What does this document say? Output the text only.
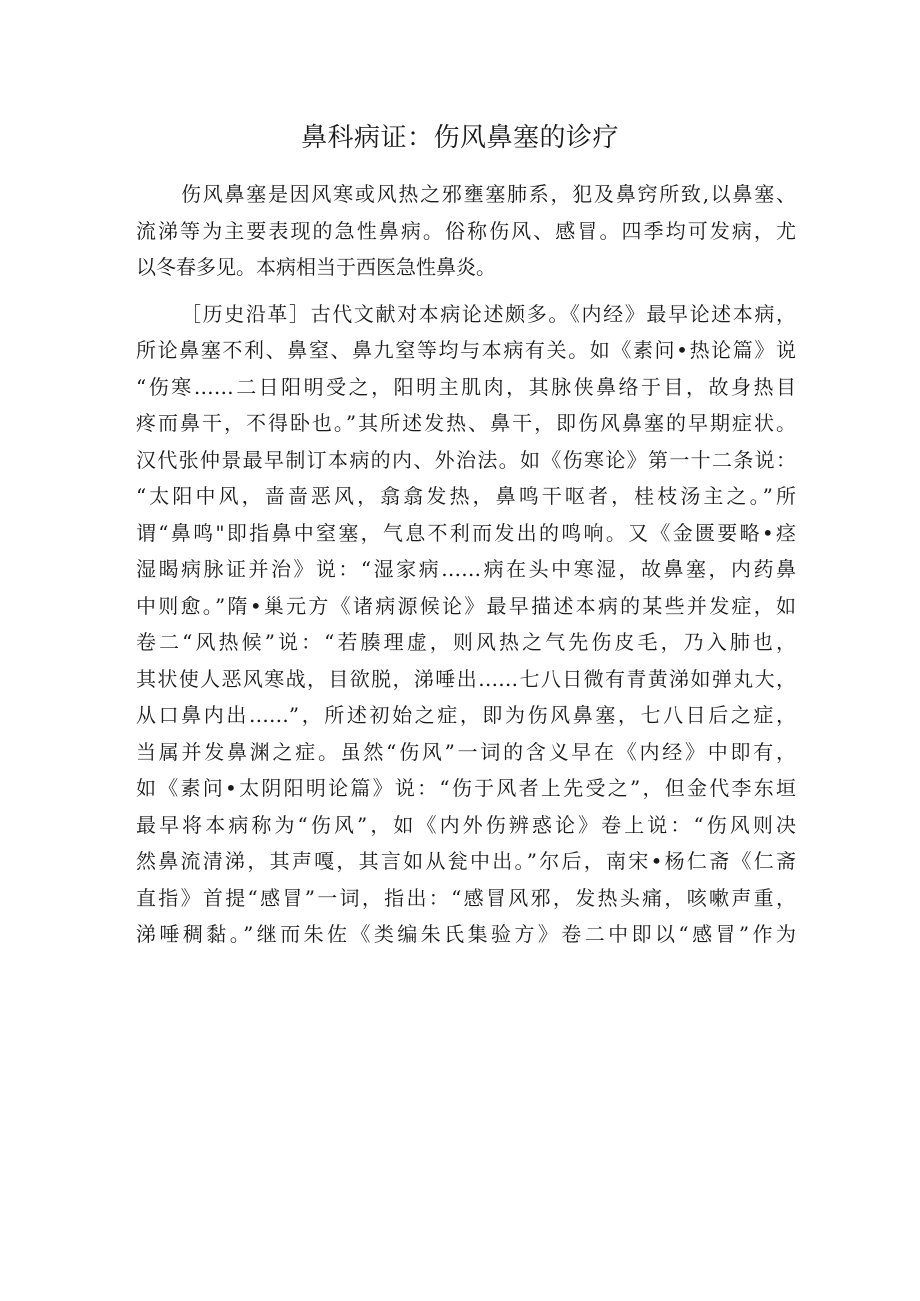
鼻科病证：伤风鼻塞的诊疗
伤风鼻塞是因风寒或风热之邪壅塞肺系，犯及鼻窍所致,以鼻塞、
流涕等为主要表现的急性鼻病。俗称伤风、感冒。四季均可发病，尤
以冬春多见。本病相当于西医急性鼻炎。
［历史沿革］古代文献对本病论述颇多。《内经》最早论述本病，
所论鼻塞不利、鼻窒、鼻九窒等均与本病有关。如《素问•热论篇》说
“伤寒……二日阳明受之，阳明主肌肉，其脉侠鼻络于目，故身热目
疼而鼻干，不得卧也。”其所述发热、鼻干，即伤风鼻塞的早期症状。
汉代张仲景最早制订本病的内、外治法。如《伤寒论》第一十二条说：
“太阳中风，啬啬恶风，翕翕发热，鼻鸣干呕者，桂枝汤主之。”所
谓“鼻鸣"即指鼻中窒塞，气息不利而发出的鸣响。又《金匮要略•痉
湿暍病脉证并治》说：“湿家病……病在头中寒湿，故鼻塞，内药鼻
中则愈。”隋•巢元方《诸病源候论》最早描述本病的某些并发症，如
卷二“风热候”说：“若腠理虚，则风热之气先伤皮毛，乃入肺也，
其状使人恶风寒战，目欲脱，涕唾出……七八日微有青黄涕如弹丸大，
从口鼻内出……”，所述初始之症，即为伤风鼻塞，七八日后之症，
当属并发鼻渊之症。虽然“伤风”一词的含义早在《内经》中即有，
如《素问•太阴阳明论篇》说：“伤于风者上先受之”，但金代李东垣
最早将本病称为“伤风”，如《内外伤辨惑论》卷上说：“伤风则决
然鼻流清涕，其声嘎，其言如从瓮中出。”尔后，南宋•杨仁斋《仁斋
直指》首提“感冒”一词，指出：“感冒风邪，发热头痛，咳嗽声重，
涕唾稠黏。”继而朱佐《类编朱氏集验方》卷二中即以“感冒”作为
